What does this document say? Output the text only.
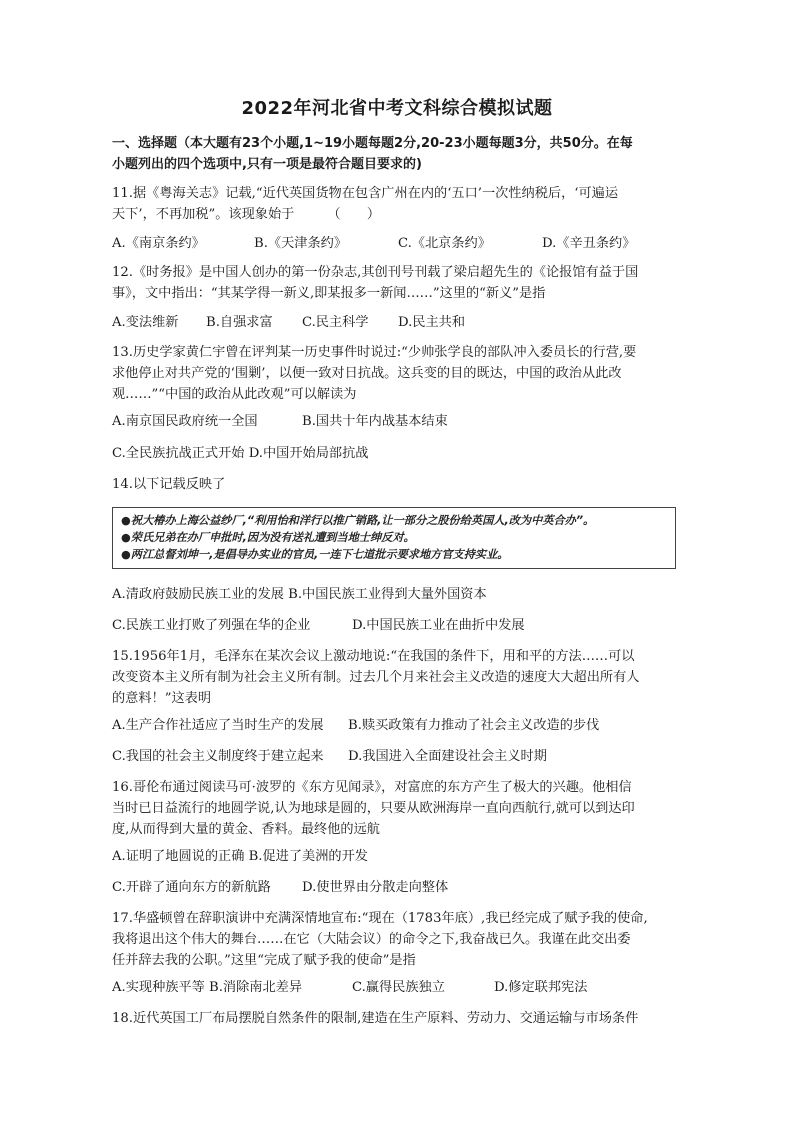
2022年河北省中考文科综合模拟试题
一、选择题（本大题有23个小题,1~19小题每题2分,20-23小题每题3分，共50分。在每
小题列出的四个选项中,只有一项是最符合题目要求的)
11.据《粤海关志》记载,“近代英国货物在包含广州在内的‘五口’一次性纳税后，‘可遍运
天下’，不再加税”。该现象始于　　　（　　）
A.《南京条约》	B.《天津条约》	C.《北京条约》	D.《辛丑条约》
12.《时务报》是中国人创办的第一份杂志,其创刊号刊载了梁启超先生的《论报馆有益于国
事》，文中指出：“其某学得一新义,即某报多一新闻……”这里的“新义”是指
A.变法维新 B.自强求富 C.民主科学 D.民主共和
13.历史学家黄仁宇曾在评判某一历史事件时说过:“少帅张学良的部队冲入委员长的行营,要
求他停止对共产党的‘围剿’，以便一致对日抗战。这兵变的目的既达，中国的政治从此改
观……”“中国的政治从此改观”可以解读为
A.南京国民政府统一全国	B.国共十年内战基本结束
C.全民族抗战正式开始 D.中国开始局部抗战
14.以下记载反映了
●祝大椿办上海公益纱厂,“利用怡和洋行以推广销路,让一部分之股份给英国人,改为中英合办”。
●荣氏兄弟在办厂申批时,因为没有送礼遭到当地士绅反对。
●两江总督刘坤一,是倡导办实业的官员,一连下七道批示要求地方官支持实业。
A.清政府鼓励民族工业的发展 B.中国民族工业得到大量外国资本
C.民族工业打败了列强在华的企业	D.中国民族工业在曲折中发展
15.1956年1月，毛泽东在某次会议上激动地说:“在我国的条件下，用和平的方法……可以
改变资本主义所有制为社会主义所有制。过去几个月来社会主义改造的速度大大超出所有人
的意料！”这表明
A.生产合作社适应了当时生产的发展 B.赎买政策有力推动了社会主义改造的步伐
C.我国的社会主义制度终于建立起来 D.我国进入全面建设社会主义时期
16.哥伦布通过阅读马可·波罗的《东方见闻录》，对富庶的东方产生了极大的兴趣。他相信
当时已日益流行的地圆学说,认为地球是圆的，只要从欧洲海岸一直向西航行,就可以到达印
度,从而得到大量的黄金、香料。最终他的远航
A.证明了地圆说的正确 B.促进了美洲的开发
C.开辟了通向东方的新航路 D.使世界由分散走向整体
17.华盛顿曾在辞职演讲中充满深情地宣布:“现在（1783年底）,我已经完成了赋予我的使命,
我将退出这个伟大的舞台……在它（大陆会议）的命令之下,我奋战已久。我谨在此交出委
任并辞去我的公职。”这里“完成了赋予我的使命”是指
A.实现种族平等 B.消除南北差异	C.赢得民族独立	D.修定联邦宪法
18.近代英国工厂布局摆脱自然条件的限制,建造在生产原料、劳动力、交通运输与市场条件
